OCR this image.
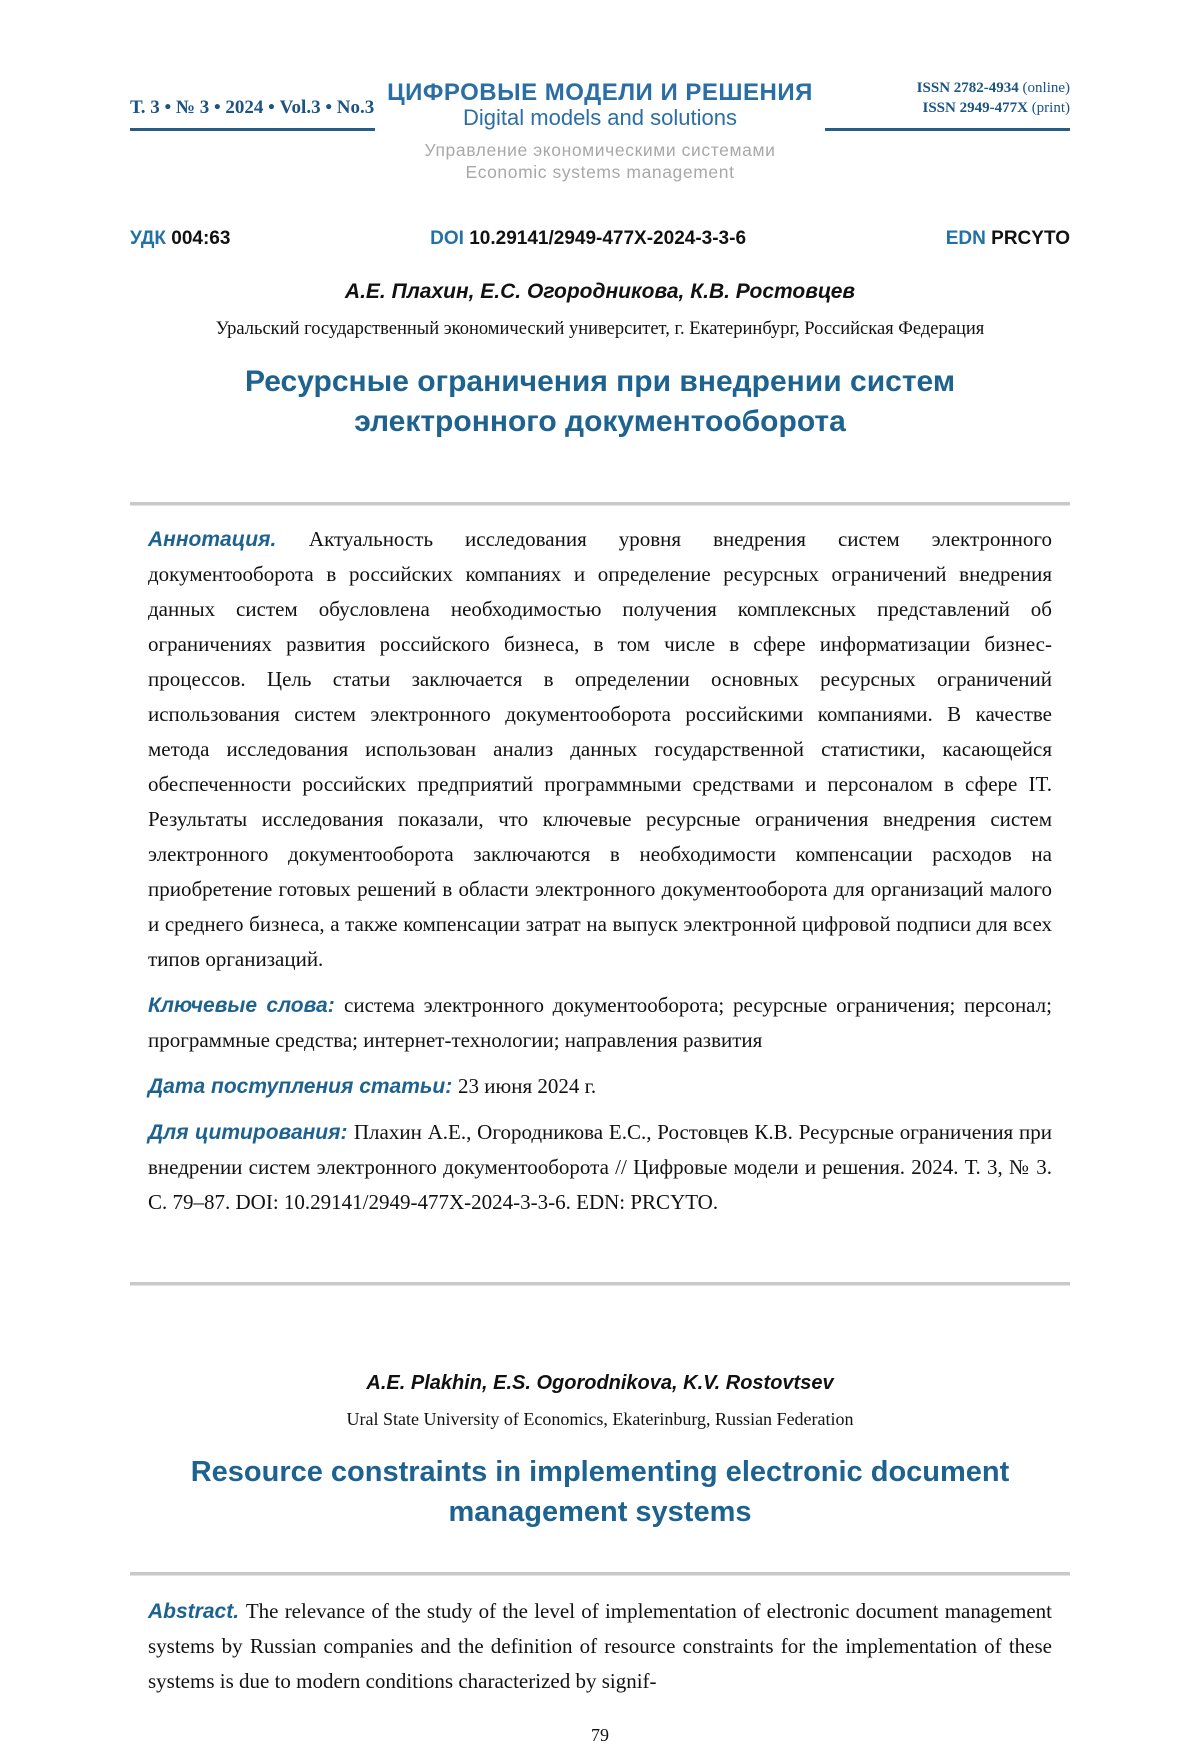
Т. 3 • № 3 • 2024 • Vol.3 • No.3
ЦИФРОВЫЕ МОДЕЛИ И РЕШЕНИЯ
Digital models and solutions
ISSN 2782-4934 (online)
ISSN 2949-477X (print)
Управление экономическими системами
Economic systems management
УДК 004:63	DOI 10.29141/2949-477X-2024-3-3-6	EDN PRCYTO
А.Е. Плахин, Е.С. Огородникова, К.В. Ростовцев
Уральский государственный экономический университет, г. Екатеринбург, Российская Федерация
Ресурсные ограничения при внедрении систем электронного документооборота

Аннотация. Актуальность исследования уровня внедрения систем электронного документооборота в российских компаниях и определение ресурсных ограничений внедрения данных систем обусловлена необходимостью получения комплексных представлений об ограничениях развития российского бизнеса, в том числе в сфере информатизации бизнес-процессов. Цель статьи заключается в определении основных ресурсных ограничений использования систем электронного документооборота российскими компаниями. В качестве метода исследования использован анализ данных государственной статистики, касающейся обеспеченности российских предприятий программными средствами и персоналом в сфере IT. Результаты исследования показали, что ключевые ресурсные ограничения внедрения систем электронного документооборота заключаются в необходимости компенсации расходов на приобретение готовых решений в области электронного документооборота для организаций малого и среднего бизнеса, а также компенсации затрат на выпуск электронной цифровой подписи для всех типов организаций.

Ключевые слова: система электронного документооборота; ресурсные ограничения; персонал; программные средства; интернет-технологии; направления развития

Дата поступления статьи: 23 июня 2024 г.

Для цитирования: Плахин А.Е., Огородникова Е.С., Ростовцев К.В. Ресурсные ограничения при внедрении систем электронного документооборота // Цифровые модели и решения. 2024. Т. 3, № 3. С. 79–87. DOI: 10.29141/2949-477X-2024-3-3-6. EDN: PRCYTO.

A.E. Plakhin, E.S. Ogorodnikova, K.V. Rostovtsev
Ural State University of Economics, Ekaterinburg, Russian Federation
Resource constraints in implementing electronic document management systems

Abstract. The relevance of the study of the level of implementation of electronic document management systems by Russian companies and the definition of resource constraints for the implementation of these systems is due to modern conditions characterized by signif-

79
